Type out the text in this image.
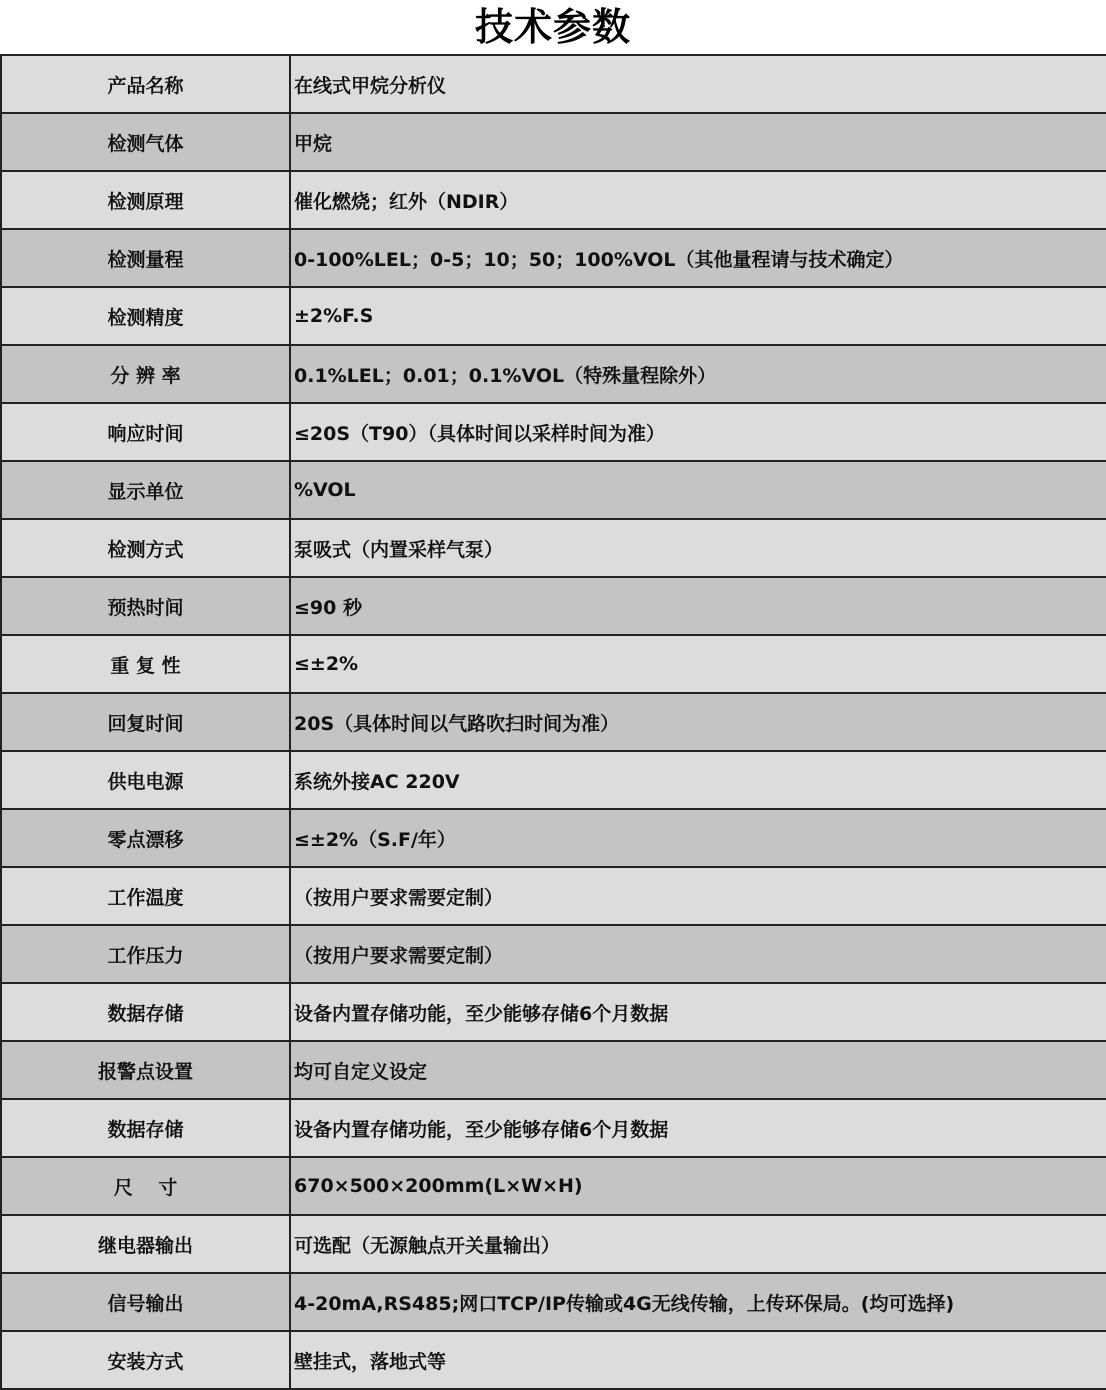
技术参数
产品名称	在线式甲烷分析仪
检测气体	甲烷
检测原理	催化燃烧；红外（NDIR）
检测量程	0-100%LEL；0-5；10；50；100%VOL（其他量程请与技术确定）
检测精度	±2%F.S
分 辨 率	0.1%LEL；0.01；0.1%VOL（特殊量程除外）
响应时间	≤20S（T90）（具体时间以采样时间为准）
显示单位	%VOL
检测方式	泵吸式（内置采样气泵）
预热时间	≤90 秒
重 复 性	≤±2%
回复时间	20S（具体时间以气路吹扫时间为准）
供电电源	系统外接AC 220V
零点漂移	≤±2%（S.F/年）
工作温度	（按用户要求需要定制）
工作压力	（按用户要求需要定制）
数据存储	设备内置存储功能，至少能够存储6个月数据
报警点设置	均可自定义设定
数据存储	设备内置存储功能，至少能够存储6个月数据
尺　 寸	670×500×200mm(L×W×H)
继电器输出	可选配（无源触点开关量输出）
信号输出	4-20mA,RS485;网口TCP/IP传输或4G无线传输，上传环保局。(均可选择)
安装方式	壁挂式，落地式等
